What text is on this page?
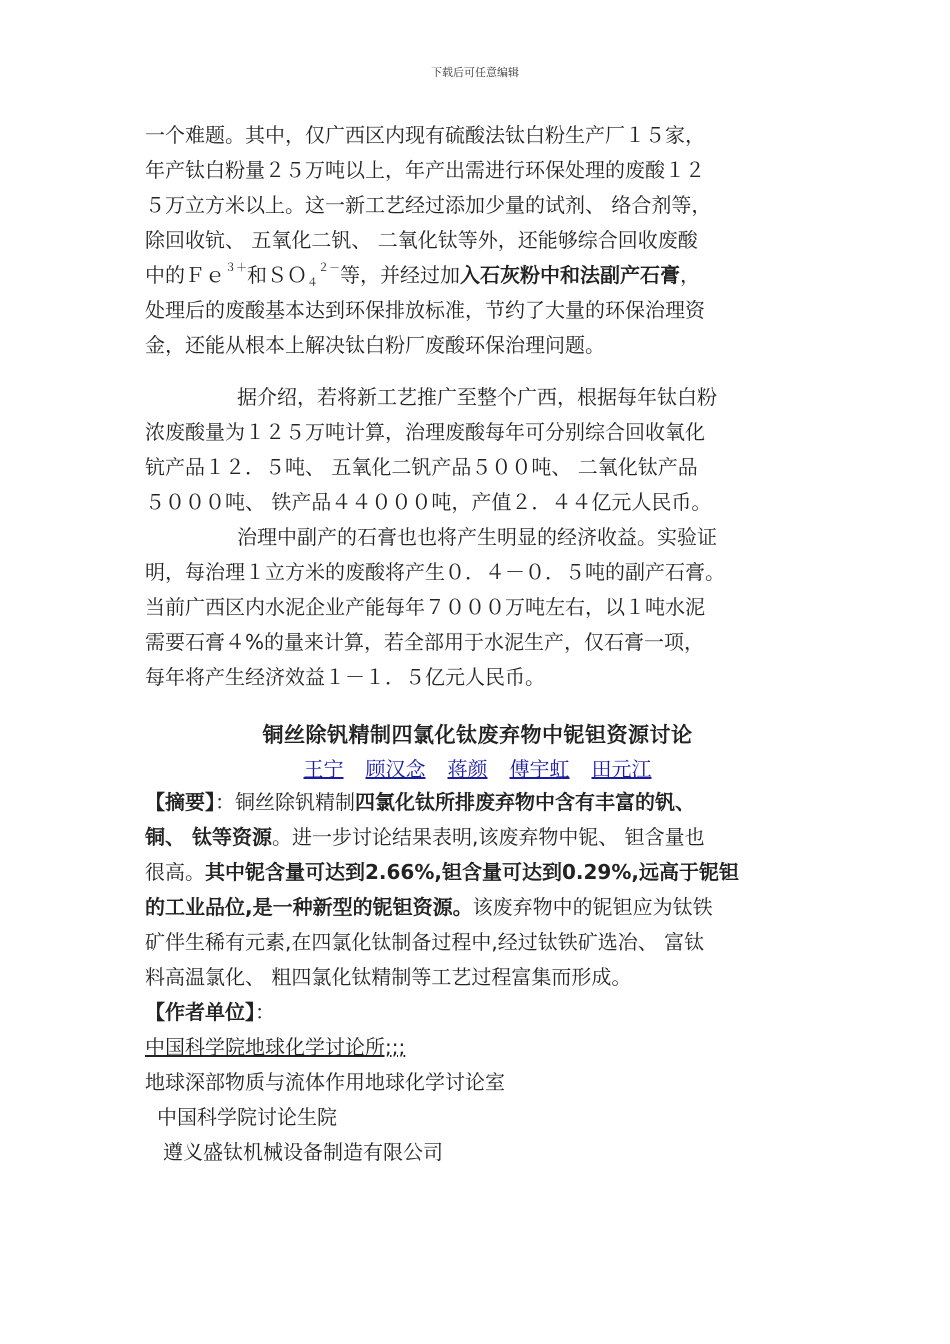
下载后可任意编辑

一个难题。其中，仅广西区内现有硫酸法钛白粉生产厂１５家，

年产钛白粉量２５万吨以上，年产出需进行环保处理的废酸１２

５万立方米以上。这一新工艺经过添加少量的试剂、 络合剂等，

除回收钪、 五氧化二钒、 二氧化钛等外，还能够综合回收废酸

中的Ｆｅ$^{3+}$和$SO4^{2-}$等，并经过加入石灰粉中和法副产石膏，

处理后的废酸基本达到环保排放标准，节约了大量的环保治理资

金，还能从根本上解决钛白粉厂废酸环保治理问题。

据介绍，若将新工艺推广至整个广西，根据每年钛白粉

浓废酸量为１２５万吨计算，治理废酸每年可分别综合回收氧化

钪产品１２．５吨、 五氧化二钒产品５００吨、 二氧化钛产品

５０００吨、 铁产品４４０００吨，产值２．４４亿元人民币。

治理中副产的石膏也也将产生明显的经济收益。实验证

明，每治理１立方米的废酸将产生０．４－０．５吨的副产石膏。

当前广西区内水泥企业产能每年７０００万吨左右，以１吨水泥

需要石膏４%的量来计算，若全部用于水泥生产，仅石膏一项，

每年将产生经济效益１－１．５亿元人民币。

铜丝除钒精制四氯化钛废弃物中铌钽资源讨论
王宁 顾汉念 蒋颜 傅宇虹 田元江

【摘要】：铜丝除钒精制四氯化钛所排废弃物中含有丰富的钒、

铜、 钛等资源。进一步讨论结果表明,该废弃物中铌、 钽含量也

很高。其中铌含量可达到2.66%,钽含量可达到0.29%,远高于铌钽

的工业品位,是一种新型的铌钽资源。该废弃物中的铌钽应为钛铁

矿伴生稀有元素,在四氯化钛制备过程中,经过钛铁矿选冶、 富钛

料高温氯化、 粗四氯化钛精制等工艺过程富集而形成。

【作者单位】：

中国科学院地球化学讨论所;;;

地球深部物质与流体作用地球化学讨论室

中国科学院讨论生院

遵义盛钛机械设备制造有限公司
